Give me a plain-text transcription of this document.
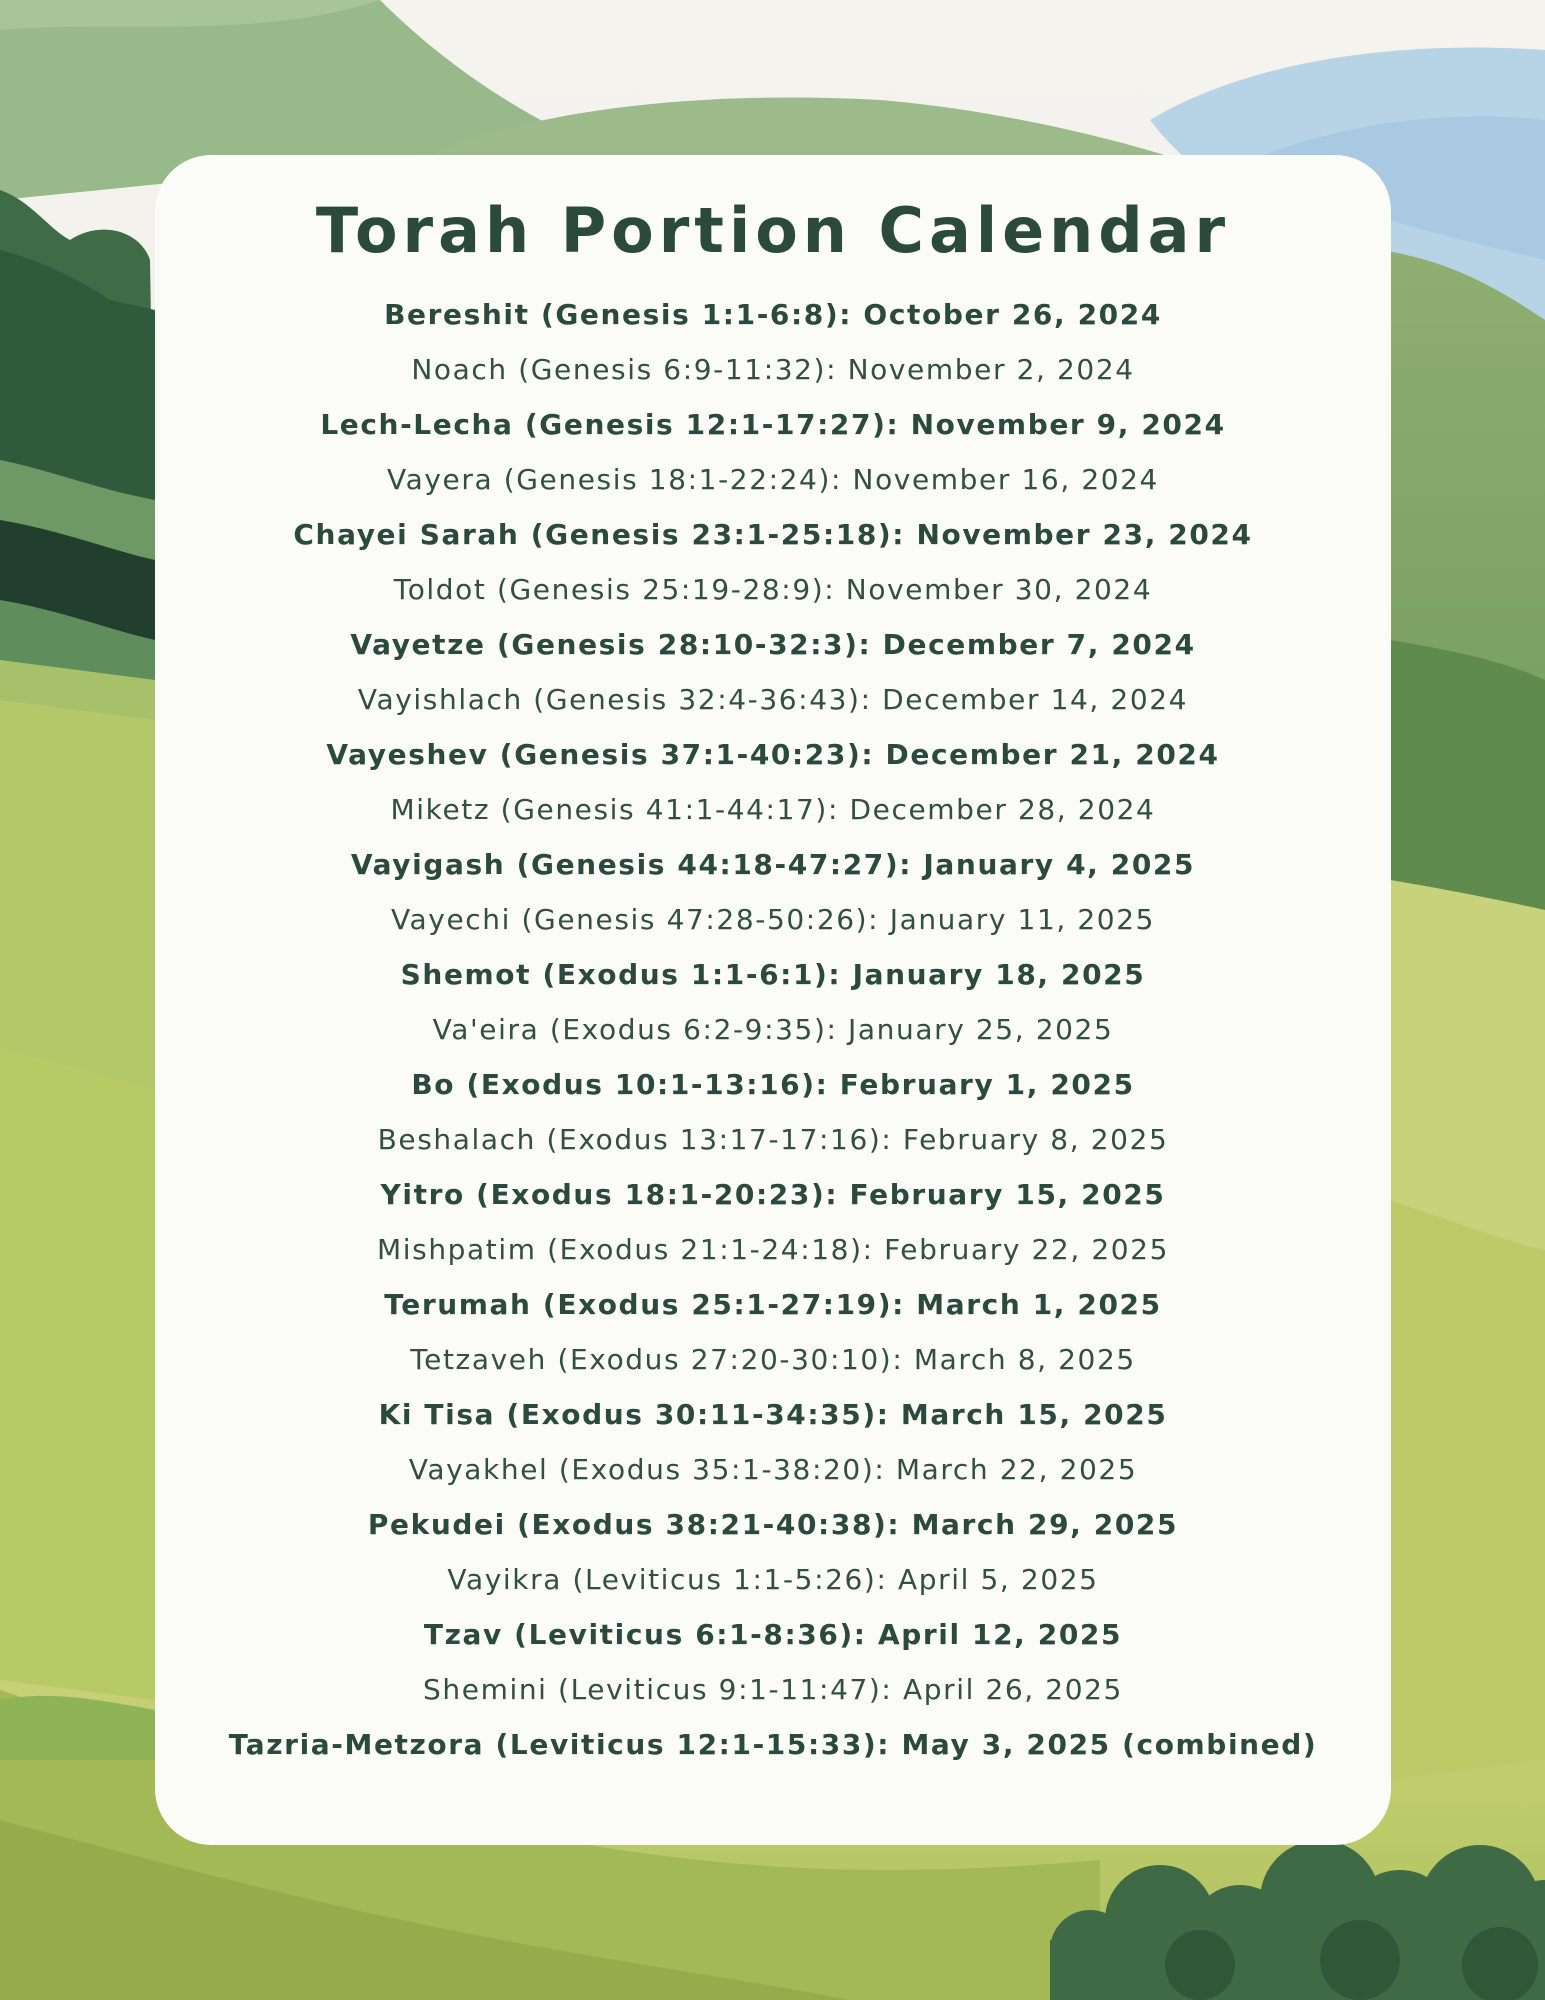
Torah Portion Calendar
Bereshit (Genesis 1:1-6:8): October 26, 2024
Noach (Genesis 6:9-11:32): November 2, 2024
Lech-Lecha (Genesis 12:1-17:27): November 9, 2024
Vayera (Genesis 18:1-22:24): November 16, 2024
Chayei Sarah (Genesis 23:1-25:18): November 23, 2024
Toldot (Genesis 25:19-28:9): November 30, 2024
Vayetze (Genesis 28:10-32:3): December 7, 2024
Vayishlach (Genesis 32:4-36:43): December 14, 2024
Vayeshev (Genesis 37:1-40:23): December 21, 2024
Miketz (Genesis 41:1-44:17): December 28, 2024
Vayigash (Genesis 44:18-47:27): January 4, 2025
Vayechi (Genesis 47:28-50:26): January 11, 2025
Shemot (Exodus 1:1-6:1): January 18, 2025
Va'eira (Exodus 6:2-9:35): January 25, 2025
Bo (Exodus 10:1-13:16): February 1, 2025
Beshalach (Exodus 13:17-17:16): February 8, 2025
Yitro (Exodus 18:1-20:23): February 15, 2025
Mishpatim (Exodus 21:1-24:18): February 22, 2025
Terumah (Exodus 25:1-27:19): March 1, 2025
Tetzaveh (Exodus 27:20-30:10): March 8, 2025
Ki Tisa (Exodus 30:11-34:35): March 15, 2025
Vayakhel (Exodus 35:1-38:20): March 22, 2025
Pekudei (Exodus 38:21-40:38): March 29, 2025
Vayikra (Leviticus 1:1-5:26): April 5, 2025
Tzav (Leviticus 6:1-8:36): April 12, 2025
Shemini (Leviticus 9:1-11:47): April 26, 2025
Tazria-Metzora (Leviticus 12:1-15:33): May 3, 2025 (combined)
